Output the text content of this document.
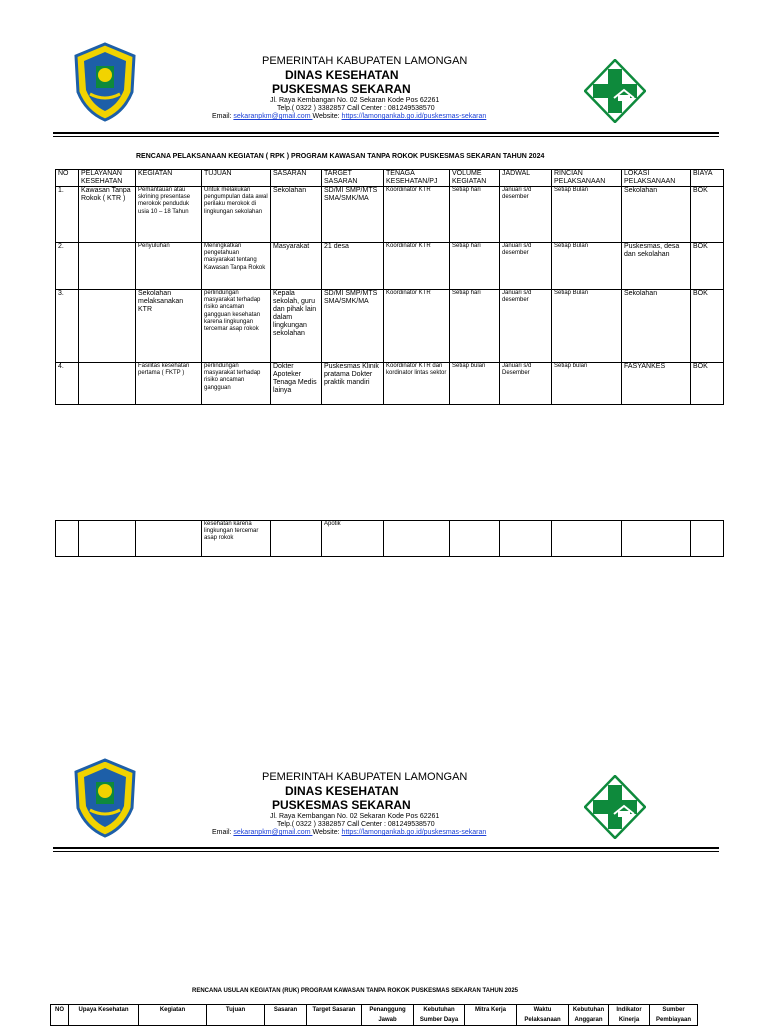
PEMERINTAH KABUPATEN LAMONGAN
DINAS KESEHATAN
PUSKESMAS SEKARAN
Jl. Raya Kembangan No. 02 Sekaran Kode Pos 62261
Telp.( 0322 ) 3382857 Call Center : 081249538570
Email: sekaranpkm@gmail.com Website: https://lamongankab.go.id/puskesmas-sekaran
RENCANA PELAKSANAAN KEGIATAN ( RPK ) PROGRAM KAWASAN TANPA ROKOK PUSKESMAS SEKARAN TAHUN 2024
NO	PELAYANAN KESEHATAN	KEGIATAN	TUJUAN	SASARAN	TARGET SASARAN	TENAGA KESEHATAN/PJ	VOLUME KEGIATAN	JADWAL	RINCIAN PELAKSANAAN	LOKASI PELAKSANAAN	BIAYA
1.	Kawasan Tanpa Rokok ( KTR )	Pemantauan atau skrining presentase merokok penduduk usia 10 – 18 Tahun	Untuk melakukan pengumpulan data awal perilaku merokok di lingkungan sekolahan	Sekolahan	SD/MI SMP/MTS SMA/SMK/MA	Koordinator KTR	Setiap hari	Januari s/d desember	Setiap Bulan	Sekolahan	BOK
2.		Penyuluhan	Meningkatkan pengetahuan masyarakat tentang Kawasan Tanpa Rokok	Masyarakat	21 desa	Koordinator KTR	Setiap hari	Januari s/d desember	Setiap Bulan	Puskesmas, desa dan sekolahan	BOK
3.		Sekolahan melaksanakan KTR	perlindungan masyarakat terhadap risiko ancaman gangguan kesehatan karena lingkungan tercemar asap rokok	Kepala sekolah, guru dan pihak lain dalam lingkungan sekolahan	SD/MI SMP/MTS SMA/SMK/MA	Koordinator KTR	Setiap hari	Januari s/d desember	Setiap Bulan	Sekolahan	BOK
4.		Fasilitas kesehatan pertama ( FKTP )	perlindungan masyarakat terhadap risiko ancaman gangguan	Dokter Apoteker Tenaga Medis lainya	Puskesmas Klinik pratama Dokter praktik mandiri	Koordinator KTR dan kordinator lintas sektor	Setiap bulan	Januari s/d Desember	Setiap bulan	FASYANKES	BOK
			kesehatan karena lingkungan tercemar asap rokok		Apotik						
PEMERINTAH KABUPATEN LAMONGAN
DINAS KESEHATAN
PUSKESMAS SEKARAN
Jl. Raya Kembangan No. 02 Sekaran Kode Pos 62261
Telp.( 0322 ) 3382857 Call Center : 081249538570
Email: sekaranpkm@gmail.com Website: https://lamongankab.go.id/puskesmas-sekaran
RENCANA USULAN KEGIATAN (RUK) PROGRAM KAWASAN TANPA ROKOK PUSKESMAS SEKARAN TAHUN 2025
NO	Upaya Kesehatan	Kegiatan	Tujuan	Sasaran	Target Sasaran	Penanggung Jawab	Kebutuhan Sumber Daya	Mitra Kerja	Waktu Pelaksanaan	Kebutuhan Anggaran	Indikator Kinerja	Sumber Pembiayaan
